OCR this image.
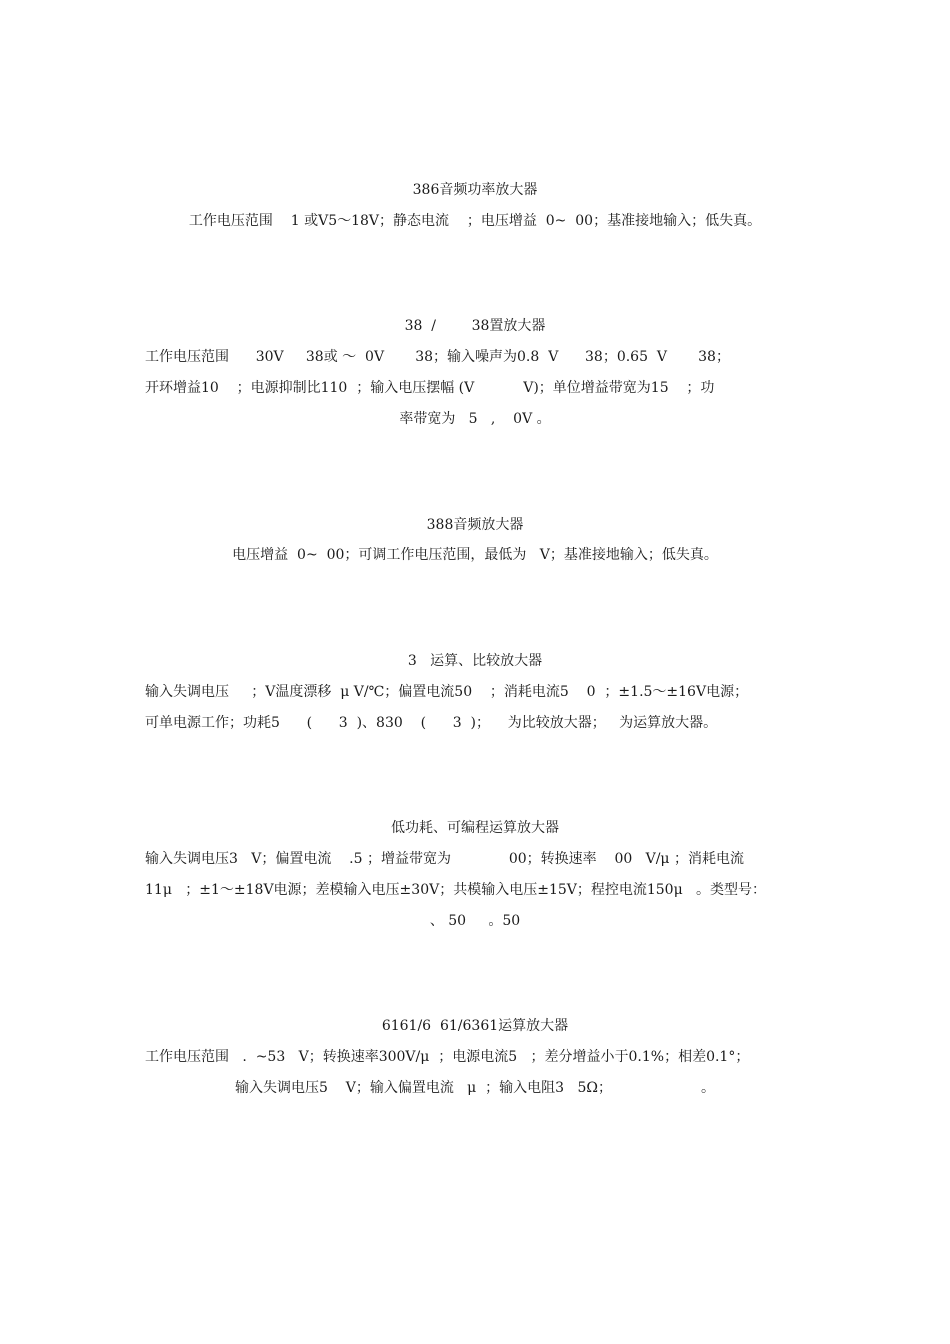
386音频功率放大器
工作电压范围    1 或V5～18V；静态电流    ；电压增益  0~  00；基准接地输入；低失真。
38  /        38置放大器
工作电压范围      30V     38或 ～  0V       38；输入噪声为0.8  V      38；0.65  V       38；
开环增益10    ；电源抑制比110  ；输入电压摆幅 (V           V)；单位增益带宽为15    ；功
率带宽为   5   ,    0V 。
388音频放大器
电压增益  0~  00；可调工作电压范围，最低为   V；基准接地输入；低失真。
3   运算、比较放大器
输入失调电压     ；V温度漂移  μ V/℃；偏置电流50    ；消耗电流5    0  ；±1.5～±16V电源；
可单电源工作；功耗5      (      3  )、830    (      3  )；    为比较放大器；   为运算放大器。
低功耗、可编程运算放大器
输入失调电压3   V；偏置电流    .5 ；增益带宽为             00；转换速率    00   V/μ ；消耗电流
11μ   ；±1～±18V电源；差模输入电压±30V；共模输入电压±15V；程控电流150μ   。类型号：
、 50     。50
6161/6  61/6361运算放大器
工作电压范围   .  ~53   V；转换速率300V/μ  ；电源电流5   ；差分增益小于0.1%；相差0.1°；
输入失调电压5    V；输入偏置电流   μ  ；输入电阻3   5Ω；                    。
